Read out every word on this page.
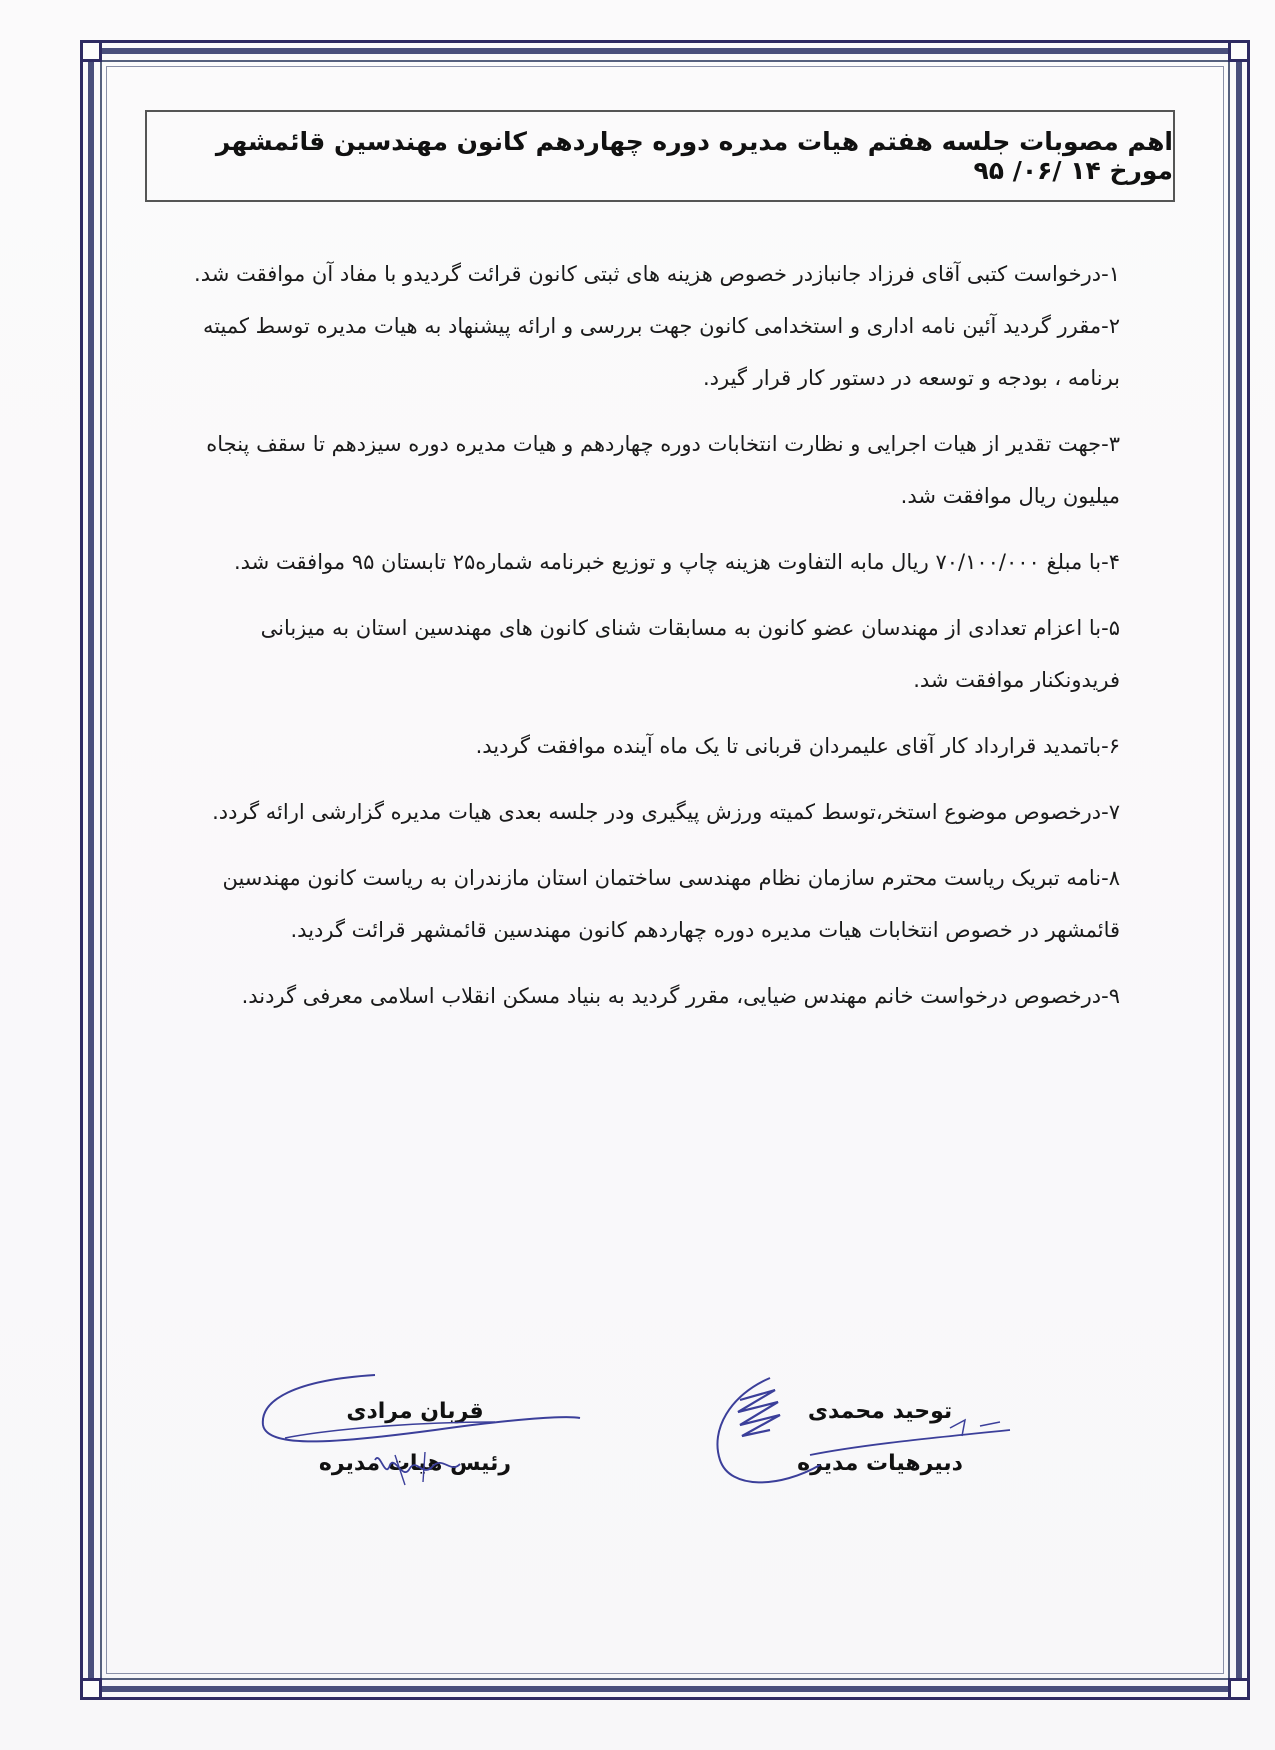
اهم مصوبات جلسه هفتم هیات مدیره دوره چهاردهم کانون مهندسین قائمشهر مورخ ۱۴ /۰۶/ ۹۵

۱-درخواست کتبی آقای فرزاد جانبازدر خصوص هزینه های ثبتی کانون قرائت گردیدو با مفاد آن موافقت شد.

۲-مقرر گردید آئین نامه اداری و استخدامی کانون جهت بررسی و ارائه پیشنهاد به هیات مدیره توسط کمیته برنامه ، بودجه و توسعه در دستور کار قرار گیرد.

۳-جهت تقدیر از هیات اجرایی و نظارت انتخابات دوره چهاردهم و هیات مدیره دوره سیزدهم تا سقف پنجاه میلیون ریال موافقت شد.

۴-با مبلغ ۷۰/۱۰۰/۰۰۰ ریال مابه التفاوت هزینه چاپ و توزیع خبرنامه شماره۲۵ تابستان ۹۵ موافقت شد.

۵-با اعزام تعدادی از مهندسان عضو کانون به مسابقات شنای کانون های مهندسین استان به میزبانی فریدونکنار موافقت شد.

۶-باتمدید قرارداد کار آقای علیمردان قربانی تا یک ماه آینده موافقت گردید.

۷-درخصوص موضوع استخر،توسط کمیته ورزش پیگیری ودر جلسه بعدی هیات مدیره گزارشی ارائه گردد.

۸-نامه تبریک ریاست محترم سازمان نظام مهندسی ساختمان استان مازندران به ریاست کانون مهندسین قائمشهر در خصوص انتخابات هیات مدیره دوره چهاردهم کانون مهندسین قائمشهر قرائت گردید.

۹-درخصوص درخواست خانم مهندس ضیایی، مقرر گردید به بنیاد مسکن انقلاب اسلامی معرفی گردند.

قربان مرادی
رئیس هیات مدیره
توحید محمدی
دبیرهیات مدیره
